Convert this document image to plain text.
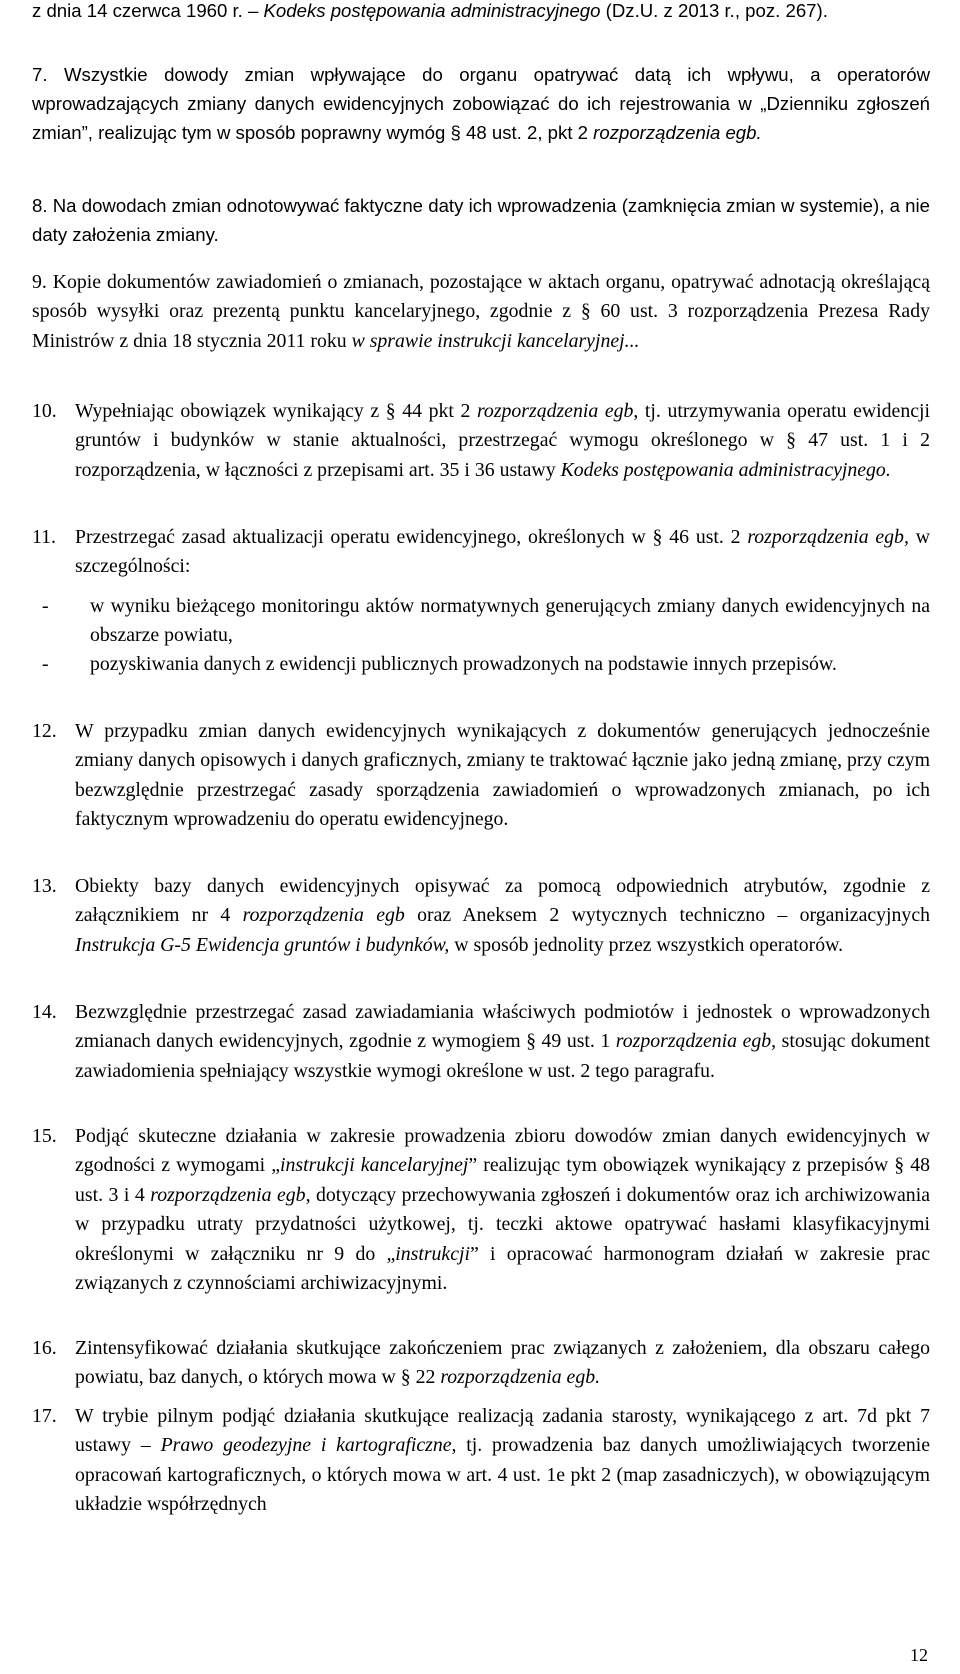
z dnia 14 czerwca 1960 r. – Kodeks postępowania administracyjnego (Dz.U. z 2013 r., poz. 267).

7. Wszystkie dowody zmian wpływające do organu opatrywać datą ich wpływu, a operatorów wprowadzających zmiany danych ewidencyjnych zobowiązać do ich rejestrowania w „Dzienniku zgłoszeń zmian”, realizując tym w sposób poprawny wymóg § 48 ust. 2, pkt 2 rozporządzenia egb.

8. Na dowodach zmian odnotowywać faktyczne daty ich wprowadzenia (zamknięcia zmian w systemie), a nie daty założenia zmiany.

9. Kopie dokumentów zawiadomień o zmianach, pozostające w aktach organu, opatrywać adnotacją określającą sposób wysyłki oraz prezentą punktu kancelaryjnego, zgodnie z § 60 ust. 3 rozporządzenia Prezesa Rady Ministrów z dnia 18 stycznia 2011 roku w sprawie instrukcji kancelaryjnej...

10. Wypełniając obowiązek wynikający z § 44 pkt 2 rozporządzenia egb, tj. utrzymywania operatu ewidencji gruntów i budynków w stanie aktualności, przestrzegać wymogu określonego w § 47 ust. 1 i 2 rozporządzenia, w łączności z przepisami art. 35 i 36 ustawy Kodeks postępowania administracyjnego.

11. Przestrzegać zasad aktualizacji operatu ewidencyjnego, określonych w § 46 ust. 2 rozporządzenia egb, w szczególności:

-	w wyniku bieżącego monitoringu aktów normatywnych generujących zmiany danych ewidencyjnych na obszarze powiatu,
-	pozyskiwania danych z ewidencji publicznych prowadzonych na podstawie innych przepisów.

12. W przypadku zmian danych ewidencyjnych wynikających z dokumentów generujących jednocześnie zmiany danych opisowych i danych graficznych, zmiany te traktować łącznie jako jedną zmianę, przy czym bezwzględnie przestrzegać zasady sporządzenia zawiadomień o wprowadzonych zmianach, po ich faktycznym wprowadzeniu do operatu ewidencyjnego.

13. Obiekty bazy danych ewidencyjnych opisywać za pomocą odpowiednich atrybutów, zgodnie z załącznikiem nr 4 rozporządzenia egb oraz Aneksem 2 wytycznych techniczno – organizacyjnych Instrukcja G-5 Ewidencja gruntów i budynków, w sposób jednolity przez wszystkich operatorów.

14. Bezwzględnie przestrzegać zasad zawiadamiania właściwych podmiotów i jednostek o wprowadzonych zmianach danych ewidencyjnych, zgodnie z wymogiem § 49 ust. 1 rozporządzenia egb, stosując dokument zawiadomienia spełniający wszystkie wymogi określone w ust. 2 tego paragrafu.

15. Podjąć skuteczne działania w zakresie prowadzenia zbioru dowodów zmian danych ewidencyjnych w zgodności z wymogami „instrukcji kancelaryjnej” realizując tym obowiązek wynikający z przepisów § 48 ust. 3 i 4 rozporządzenia egb, dotyczący przechowywania zgłoszeń i dokumentów oraz ich archiwizowania w przypadku utraty przydatności użytkowej, tj. teczki aktowe opatrywać hasłami klasyfikacyjnymi określonymi w załączniku nr 9 do „instrukcji” i opracować harmonogram działań w zakresie prac związanych z czynnościami archiwizacyjnymi.

16. Zintensyfikować działania skutkujące zakończeniem prac związanych z założeniem, dla obszaru całego powiatu, baz danych, o których mowa w § 22 rozporządzenia egb.

17. W trybie pilnym podjąć działania skutkujące realizacją zadania starosty, wynikającego z art. 7d pkt 7 ustawy – Prawo geodezyjne i kartograficzne, tj. prowadzenia baz danych umożliwiających tworzenie opracowań kartograficznych, o których mowa w art. 4 ust. 1e pkt 2 (map zasadniczych), w obowiązującym układzie współrzędnych

12
